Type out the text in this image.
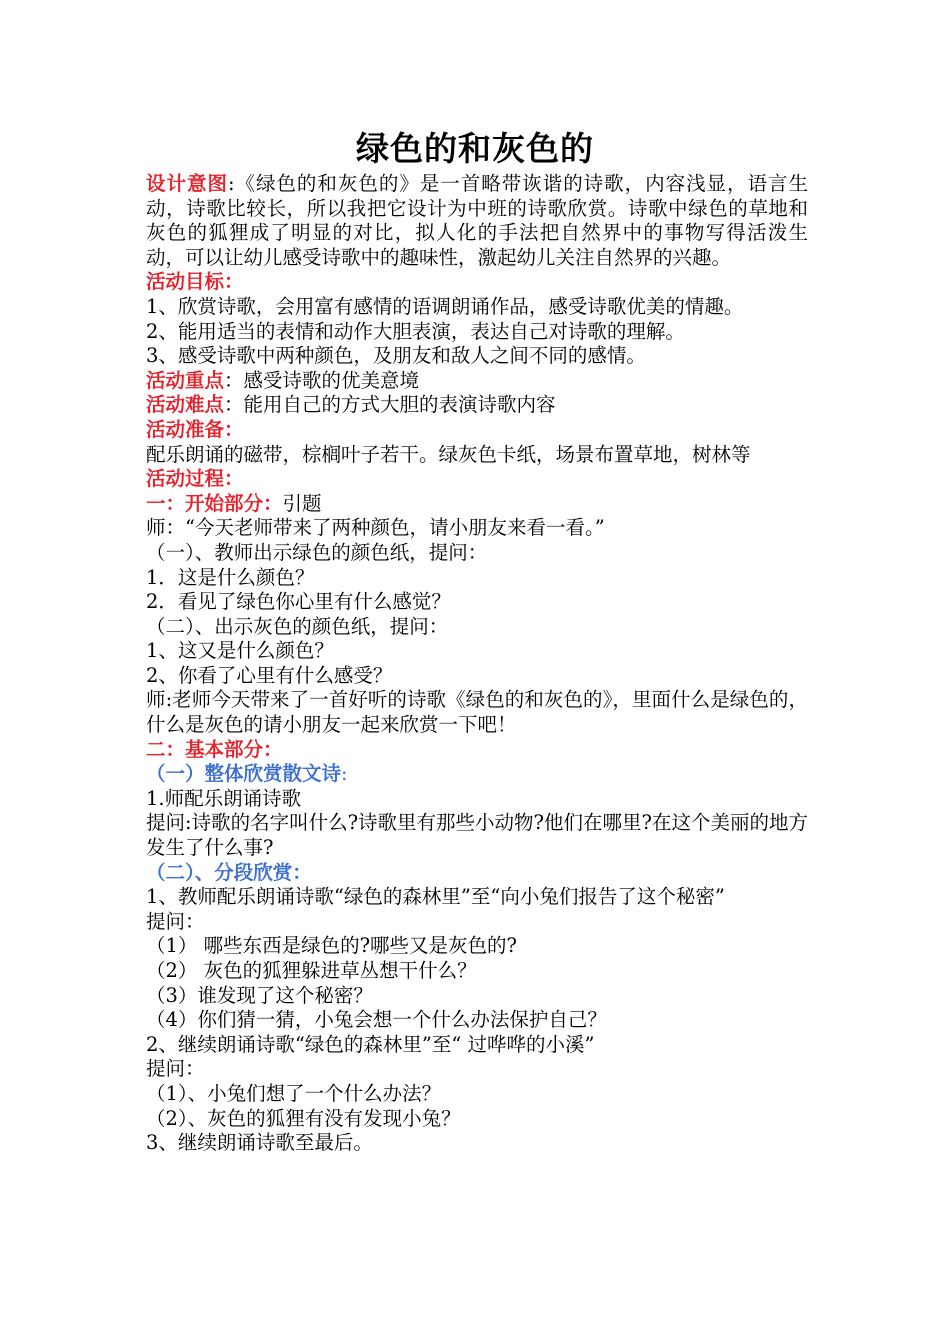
绿色的和灰色的

设计意图:《绿色的和灰色的》是一首略带诙谐的诗歌，内容浅显，语言生动，诗歌比较长，所以我把它设计为中班的诗歌欣赏。诗歌中绿色的草地和灰色的狐狸成了明显的对比，拟人化的手法把自然界中的事物写得活泼生动，可以让幼儿感受诗歌中的趣味性，激起幼儿关注自然界的兴趣。

活动目标：

1、欣赏诗歌，会用富有感情的语调朗诵作品，感受诗歌优美的情趣。

2、能用适当的表情和动作大胆表演，表达自己对诗歌的理解。

3、感受诗歌中两种颜色，及朋友和敌人之间不同的感情。

活动重点：感受诗歌的优美意境

活动难点：能用自己的方式大胆的表演诗歌内容

活动准备：

配乐朗诵的磁带，棕榈叶子若干。绿灰色卡纸，场景布置草地，树林等

活动过程：

一：开始部分：引题

师：“今天老师带来了两种颜色，请小朋友来看一看。”

（一）、教师出示绿色的颜色纸，提问：

1．这是什么颜色？

2．看见了绿色你心里有什么感觉？

（二）、出示灰色的颜色纸，提问：

1、这又是什么颜色？

2、你看了心里有什么感受？

师:老师今天带来了一首好听的诗歌《绿色的和灰色的》，里面什么是绿色的，什么是灰色的请小朋友一起来欣赏一下吧！

二：基本部分：

（一）整体欣赏散文诗:

1.师配乐朗诵诗歌

提问:诗歌的名字叫什么?诗歌里有那些小动物?他们在哪里?在这个美丽的地方发生了什么事?

（二）、分段欣赏：

1、教师配乐朗诵诗歌“绿色的森林里”至“向小兔们报告了这个秘密”

提问：

（1） 哪些东西是绿色的?哪些又是灰色的?

（2） 灰色的狐狸躲进草丛想干什么？

（3）谁发现了这个秘密？

（4）你们猜一猜，小兔会想一个什么办法保护自己？

2、继续朗诵诗歌“绿色的森林里”至“ 过哗哗的小溪”

提问：

（1）、小兔们想了一个什么办法？

（2）、灰色的狐狸有没有发现小兔？

3、继续朗诵诗歌至最后。
